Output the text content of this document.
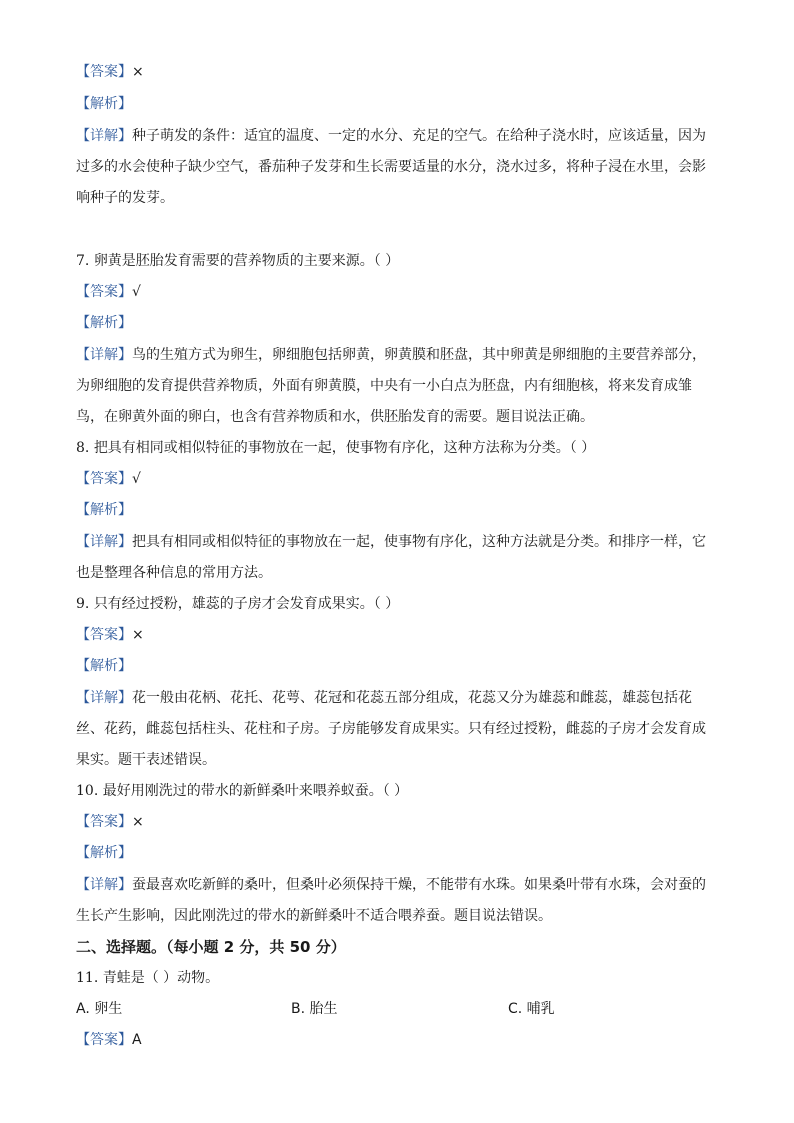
【答案】×
【解析】
【详解】种子萌发的条件：适宜的温度、一定的水分、充足的空气。在给种子浇水时，应该适量，因为
过多的水会使种子缺少空气，番茄种子发芽和生长需要适量的水分，浇水过多，将种子浸在水里，会影
响种子的发芽。
7. 卵黄是胚胎发育需要的营养物质的主要来源。（ ）
【答案】√
【解析】
【详解】鸟的生殖方式为卵生，卵细胞包括卵黄，卵黄膜和胚盘，其中卵黄是卵细胞的主要营养部分，
为卵细胞的发育提供营养物质，外面有卵黄膜，中央有一小白点为胚盘，内有细胞核，将来发育成雏
鸟，在卵黄外面的卵白，也含有营养物质和水，供胚胎发育的需要。题目说法正确。
8. 把具有相同或相似特征的事物放在一起，使事物有序化，这种方法称为分类。（ ）
【答案】√
【解析】
【详解】把具有相同或相似特征的事物放在一起，使事物有序化，这种方法就是分类。和排序一样，它
也是整理各种信息的常用方法。
9. 只有经过授粉，雄蕊的子房才会发育成果实。（ ）
【答案】×
【解析】
【详解】花一般由花柄、花托、花萼、花冠和花蕊五部分组成，花蕊又分为雄蕊和雌蕊，雄蕊包括花
丝、花药，雌蕊包括柱头、花柱和子房。子房能够发育成果实。只有经过授粉，雌蕊的子房才会发育成
果实。题干表述错误。
10. 最好用刚洗过的带水的新鲜桑叶来喂养蚁蚕。（ ）
【答案】×
【解析】
【详解】蚕最喜欢吃新鲜的桑叶，但桑叶必须保持干燥，不能带有水珠。如果桑叶带有水珠，会对蚕的
生长产生影响，因此刚洗过的带水的新鲜桑叶不适合喂养蚕。题目说法错误。
二、选择题。（每小题 2 分，共 50 分）
11. 青蛙是（ ）动物。
A. 卵生	B. 胎生	C. 哺乳
【答案】A
